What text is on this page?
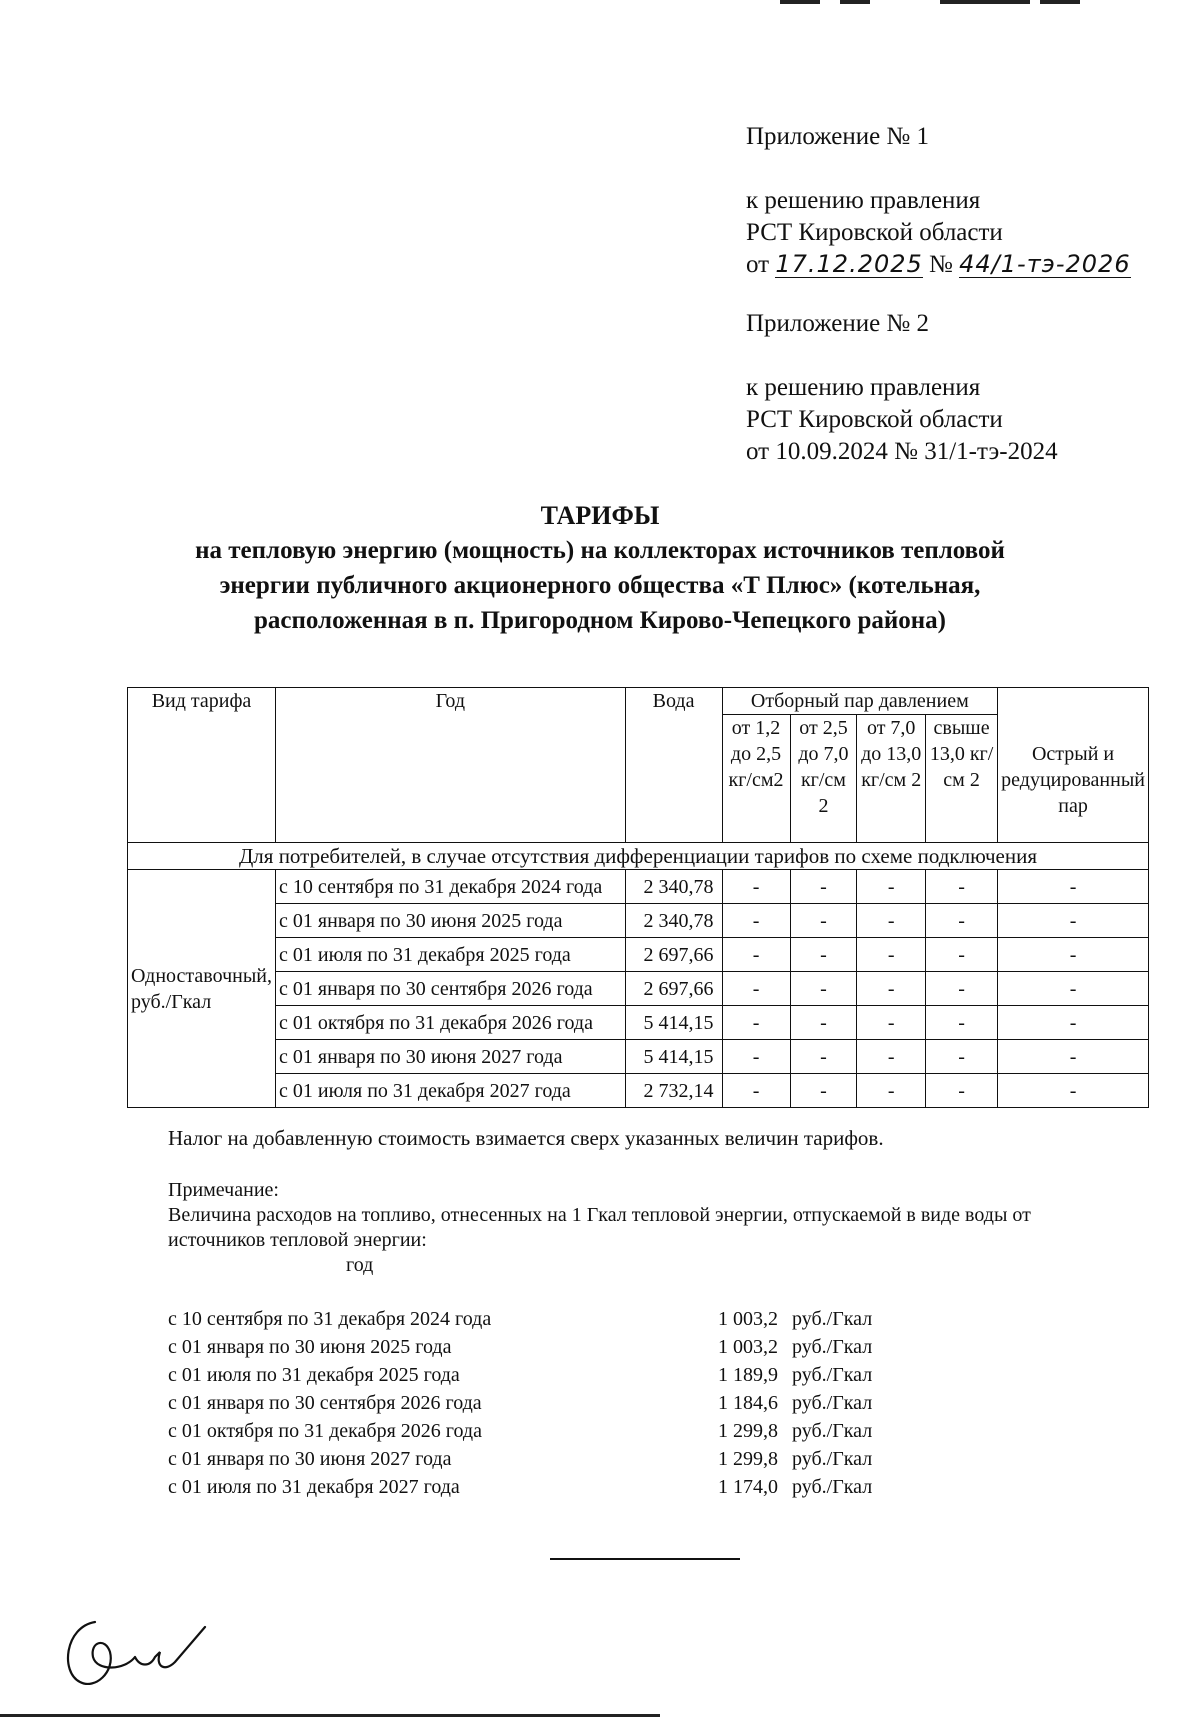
Приложение № 1
к решению правления
РСТ Кировской области
от 17.12.2025 № 44/1-тэ-2026
Приложение № 2
к решению правления
РСТ Кировской области
от 10.09.2024 № 31/1-тэ-2024
ТАРИФЫ
на тепловую энергию (мощность) на коллекторах источников тепловой
энергии публичного акционерного общества «Т Плюс» (котельная,
расположенная в п. Пригородном Кирово-Чепецкого района)
Вид тарифа	Год	Вода	Отборный пар давлением				Острый и редуцированный пар
			от 1,2 до 2,5 кг/см2	от 2,5 до 7,0 кг/см 2	от 7,0 до 13,0 кг/см 2	свыше 13,0 кг/см 2	
Для потребителей, в случае отсутствия дифференциации тарифов по схеме подключения							
Одноставочный, руб./Гкал	с 10 сентября по 31 декабря 2024 года	2 340,78	-	-	-	-	-
	с 01 января по 30 июня 2025 года	2 340,78	-	-	-	-	-
	с 01 июля по 31 декабря 2025 года	2 697,66	-	-	-	-	-
	с 01 января по 30 сентября 2026 года	2 697,66	-	-	-	-	-
	с 01 октября по 31 декабря 2026 года	5 414,15	-	-	-	-	-
	с 01 января по 30 июня 2027 года	5 414,15	-	-	-	-	-
	с 01 июля по 31 декабря 2027 года	2 732,14	-	-	-	-	-
Налог на добавленную стоимость взимается сверх указанных величин тарифов.
Примечание:
Величина расходов на топливо, отнесенных на 1 Гкал тепловой энергии, отпускаемой в виде воды от источников тепловой энергии:
год
с 10 сентября по 31 декабря 2024 года	1 003,2 руб./Гкал
с 01 января по 30 июня 2025 года	1 003,2 руб./Гкал
с 01 июля по 31 декабря 2025 года	1 189,9 руб./Гкал
с 01 января по 30 сентября 2026 года	1 184,6 руб./Гкал
с 01 октября по 31 декабря 2026 года	1 299,8 руб./Гкал
с 01 января по 30 июня 2027 года	1 299,8 руб./Гкал
с 01 июля по 31 декабря 2027 года	1 174,0 руб./Гкал
